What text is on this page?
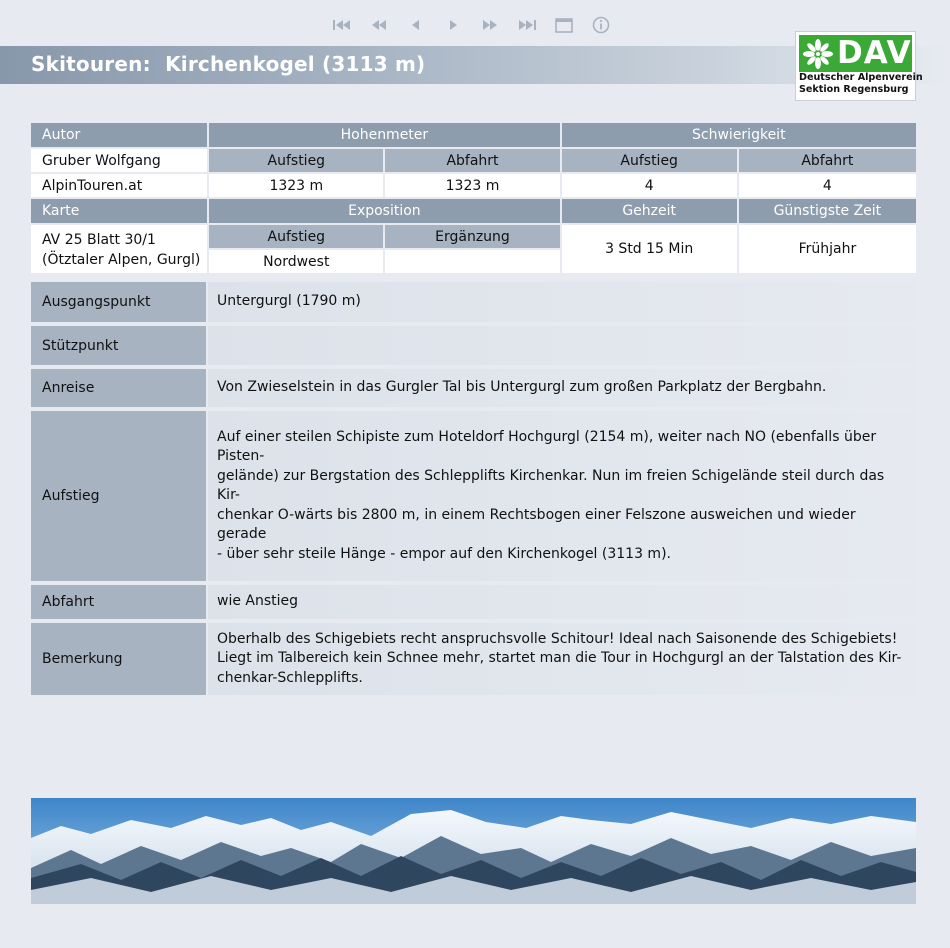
Skitouren:  Kirchenkogel (3113 m)	DAV
Deutscher Alpenverein
Sektion Regensburg
Autor	Hohenmeter		Schwierigkeit	
Gruber Wolfgang	Aufstieg	Abfahrt	Aufstieg	Abfahrt
AlpinTouren.at	1323 m	1323 m	4	4
Karte	Exposition		Gehzeit	Günstigste Zeit

AV 25 Blatt 30/1
(Ötztaler Alpen, Gurgl)	Aufstieg	Ergänzung	3 Std 15 Min	Frühjahr
	Nordwest			
Ausgangspunkt	Untergurgl (1790 m)

Stützpunkt	

Anreise	Von Zwieselstein in das Gurgler Tal bis Untergurgl zum großen Parkplatz der Bergbahn.

Aufstieg	Auf einer steilen Schipiste zum Hoteldorf Hochgurgl (2154 m), weiter nach NO (ebenfalls über Pisten-
gelände) zur Bergstation des Schlepplifts Kirchenkar. Nun im freien Schigelände steil durch das Kir-
chenkar O-wärts bis 2800 m, in einem Rechtsbogen einer Felszone ausweichen und wieder gerade
- über sehr steile Hänge - empor auf den Kirchenkogel (3113 m).

Abfahrt	wie Anstieg

Bemerkung	Oberhalb des Schigebiets recht anspruchsvolle Schitour! Ideal nach Saisonende des Schigebiets!
Liegt im Talbereich kein Schnee mehr, startet man die Tour in Hochgurgl an der Talstation des Kir-
chenkar-Schlepplifts.
